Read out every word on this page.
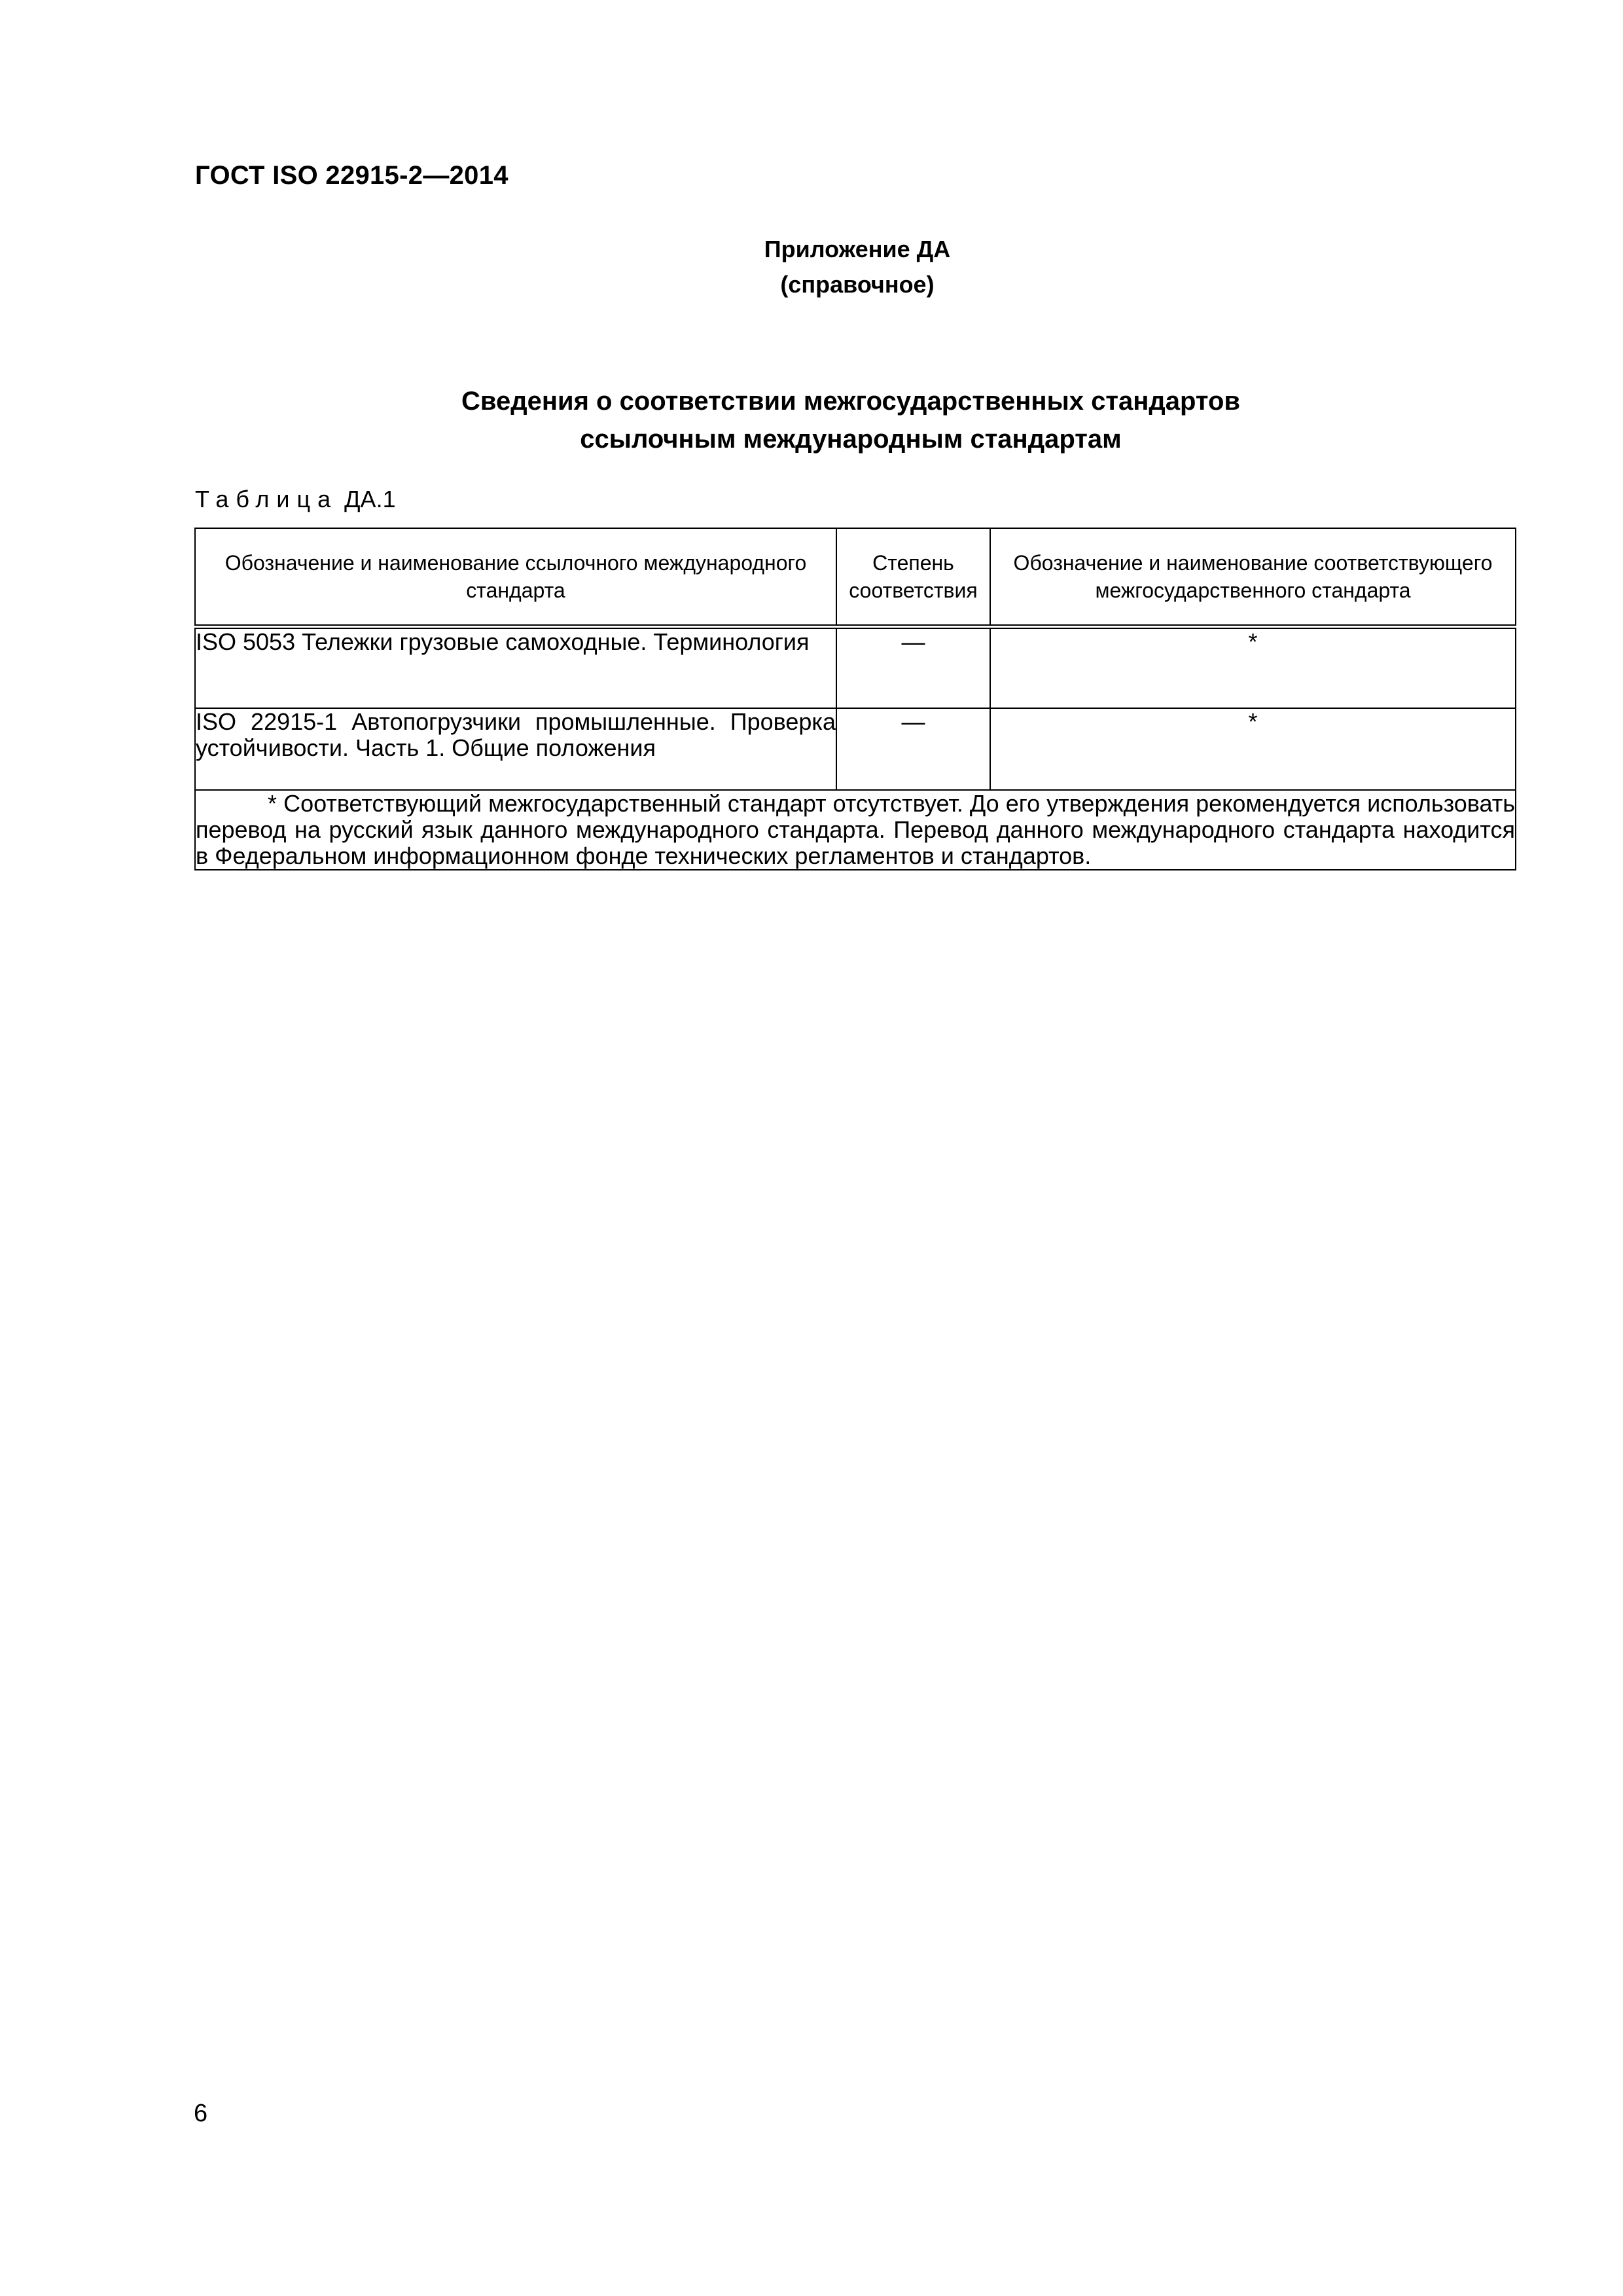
ГОСТ ISO 22915-2—2014
Приложение ДА
(справочное)
Сведения о соответствии межгосударственных стандартов
ссылочным международным стандартам
Таблица ДА.1
Обозначение и наименование ссылочного международного стандарта	Степень соответствия	Обозначение и наименование соответствующего межгосударственного стандарта
ISO 5053 Тележки грузовые самоходные. Терминология	—	*
ISO 22915-1 Автопогрузчики промышленные. Проверка устойчивости. Часть 1. Общие положения	—	*
* Соответствующий межгосударственный стандарт отсутствует. До его утверждения рекомендуется использовать перевод на русский язык данного международного стандарта. Перевод данного международного стандарта находится в Федеральном информационном фонде технических регламентов и стандартов.		
6
